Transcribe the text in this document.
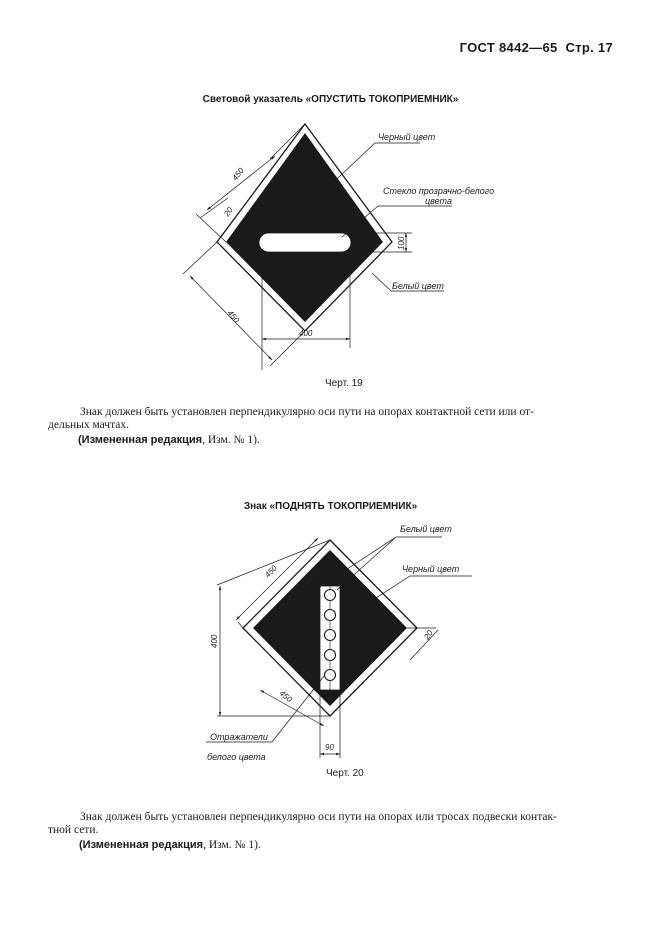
ГОСТ 8442—65 Стр. 17
Световой указатель «ОПУСТИТЬ ТОКОПРИЕМНИК»
450
20
100
450
400
Черный цвет
Стекло прозрачно-белого
цвета
Белый цвет
450
400	20
450
90
Белый цвет
Черный цвет
Отражатели
белого цвета
Черт. 19
Знак должен быть установлен перпендикулярно оси пути на опорах контактной сети или от-
дельных мачтах.
(Измененная редакция, Изм. № 1).
Знак «ПОДНЯТЬ ТОКОПРИЕМНИК»
Черт. 20
Знак должен быть установлен перпендикулярно оси пути на опорах или тросах подвески контак-
тной сети.
(Измененная редакция, Изм. № 1).
